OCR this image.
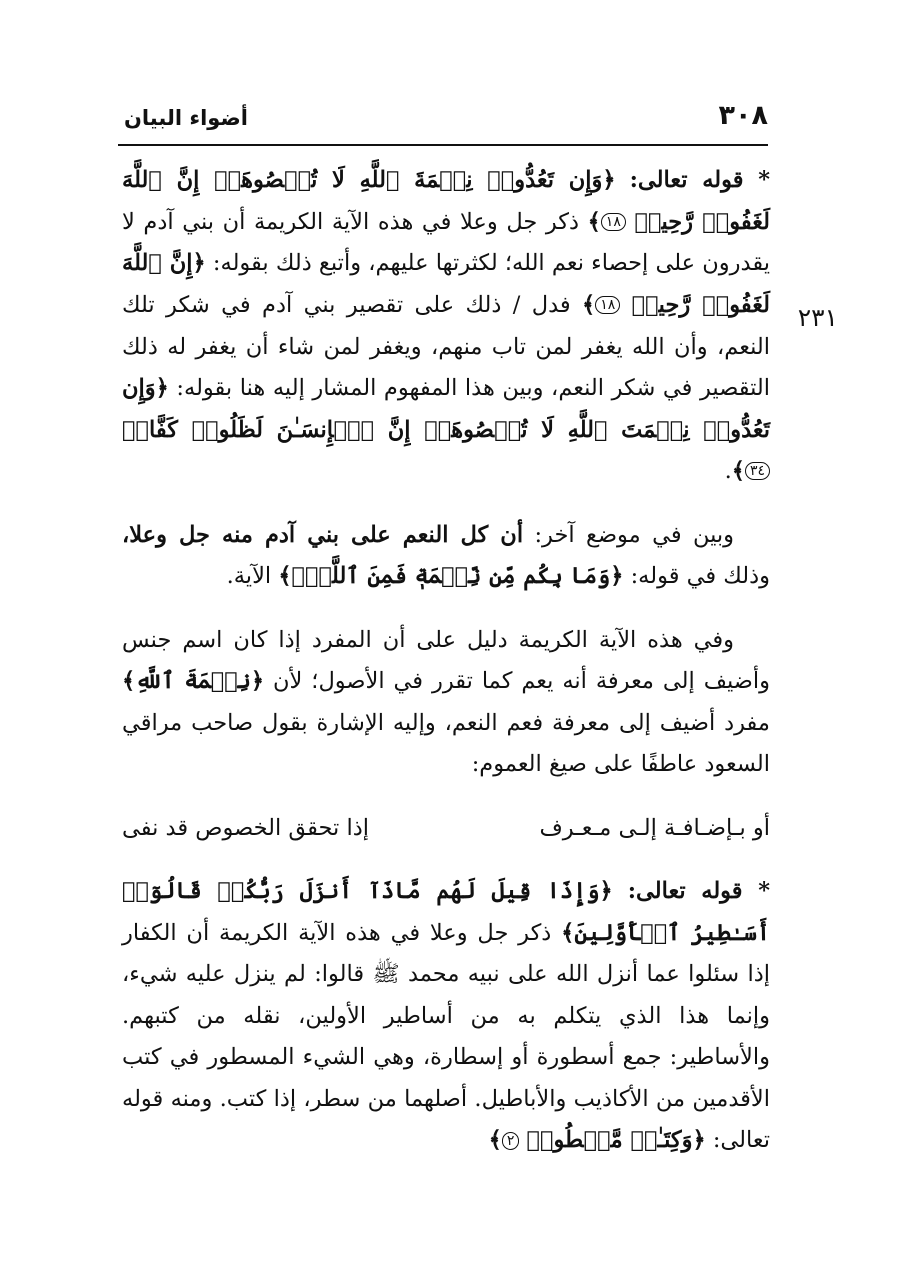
٣٠٨
أضواء البيان
٢٣١

* قوله تعالى: ﴿وَإِن تَعُدُّوا۟ نِعۡمَةَ ٱللَّهِ لَا تُحۡصُوهَآۗ إِنَّ ٱللَّهَ لَغَفُورٞ رَّحِيمٞ ١٨﴾ ذكر جل وعلا في هذه الآية الكريمة أن بني آدم لا يقدرون على إحصاء نعم الله؛ لكثرتها عليهم، وأتبع ذلك بقوله: ﴿إِنَّ ٱللَّهَ لَغَفُورٞ رَّحِيمٞ ١٨﴾ فدل / ذلك على تقصير بني آدم في شكر تلك النعم، وأن الله يغفر لمن تاب منهم، ويغفر لمن شاء أن يغفر له ذلك التقصير في شكر النعم، وبين هذا المفهوم المشار إليه هنا بقوله: ﴿وَإِن تَعُدُّوا۟ نِعۡمَتَ ٱللَّهِ لَا تُحۡصُوهَآۗ إِنَّ ٱلۡإِنسَـٰنَ لَظَلُومٞ كَفَّارٞ ٣٤﴾.

وبين في موضع آخر: أن كل النعم على بني آدم منه جل وعلا، وذلك في قوله: ﴿وَمَا بِكُم مِّن نِّعۡمَةٖ فَمِنَ ٱللَّهِۖ﴾ الآية.

وفي هذه الآية الكريمة دليل على أن المفرد إذا كان اسم جنس وأضيف إلى معرفة أنه يعم كما تقرر في الأصول؛ لأن ﴿نِعۡمَةَ ٱللَّهِ﴾ مفرد أضيف إلى معرفة فعم النعم، وإليه الإشارة بقول صاحب مراقي السعود عاطفًا على صيغ العموم:

أو بـإضـافـة إلـى مـعـرف
إذا تحقق الخصوص قد نفى

* قوله تعالى: ﴿وَإِذَا قِيلَ لَهُم مَّاذَآ أَنزَلَ رَبُّكُمۡ قَالُوٓا۟ أَسَـٰطِيرُ ٱلۡأَوَّلِينَ﴾ ذكر جل وعلا في هذه الآية الكريمة أن الكفار إذا سئلوا عما أنزل الله على نبيه محمد ﷺ قالوا: لم ينزل عليه شيء، وإنما هذا الذي يتكلم به من أساطير الأولين، نقله من كتبهم. والأساطير: جمع أسطورة أو إسطارة، وهي الشيء المسطور في كتب الأقدمين من الأكاذيب والأباطيل. أصلهما من سطر، إذا كتب. ومنه قوله تعالى: ﴿وَكِتَـٰبٖ مَّسۡطُورٖ ٢﴾
